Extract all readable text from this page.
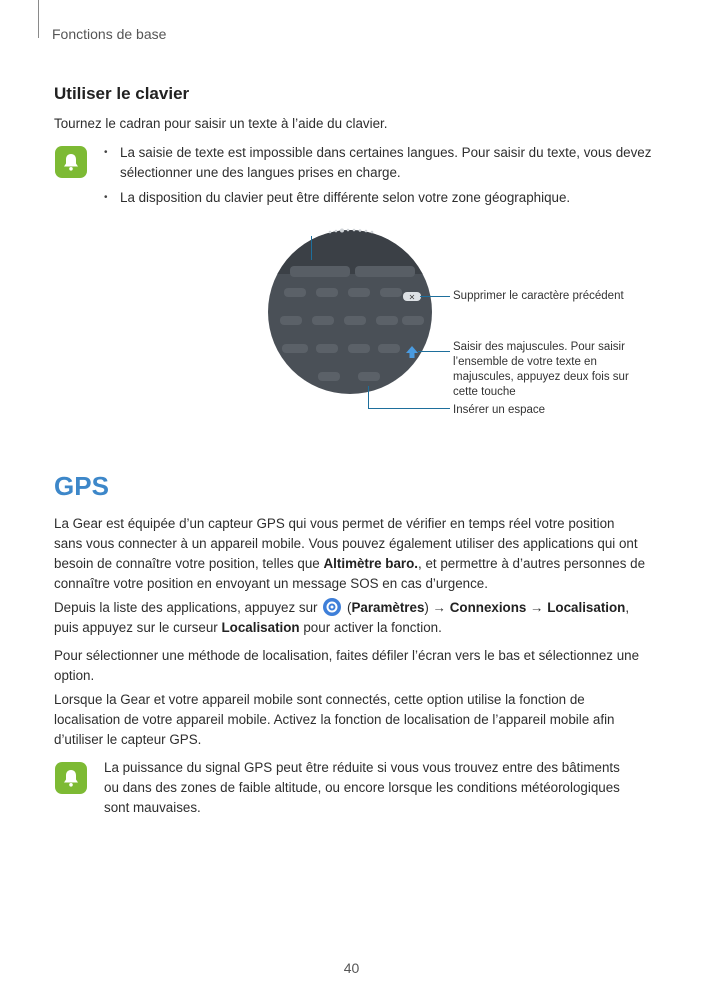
Fonctions de base
Utiliser le clavier
Tournez le cadran pour saisir un texte à l’aide du clavier.
• La saisie de texte est impossible dans certaines langues. Pour saisir du texte, vous devez sélectionner une des langues prises en charge.
• La disposition du clavier peut être différente selon votre zone géographique.
×	Supprimer le caractère précédent
Saisir des majuscules. Pour saisir l’ensemble de votre texte en majuscules, appuyez deux fois sur cette touche
Insérer un espace
GPS
La Gear est équipée d’un capteur GPS qui vous permet de vérifier en temps réel votre position sans vous connecter à un appareil mobile. Vous pouvez également utiliser des applications qui ont besoin de connaître votre position, telles que Altimètre baro., et permettre à d’autres personnes de connaître votre position en envoyant un message SOS en cas d’urgence.
Depuis la liste des applications, appuyez sur (Paramètres) → Connexions → Localisation, puis appuyez sur le curseur Localisation pour activer la fonction.
Pour sélectionner une méthode de localisation, faites défiler l’écran vers le bas et sélectionnez une option.
Lorsque la Gear et votre appareil mobile sont connectés, cette option utilise la fonction de localisation de votre appareil mobile. Activez la fonction de localisation de l’appareil mobile afin d’utiliser le capteur GPS.
La puissance du signal GPS peut être réduite si vous vous trouvez entre des bâtiments ou dans des zones de faible altitude, ou encore lorsque les conditions météorologiques sont mauvaises.
40
